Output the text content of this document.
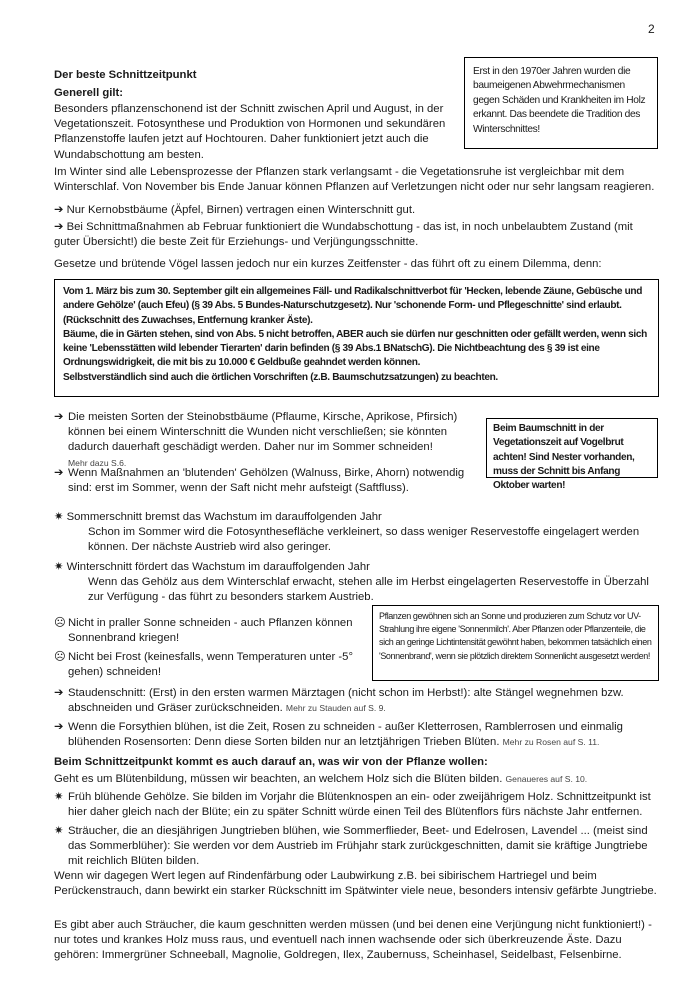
2
Der beste Schnittzeitpunkt
Generell gilt:
Besonders pflanzenschonend ist der Schnitt zwischen April und August, in der Vegetationszeit. Fotosynthese und Produktion von Hormonen und sekundären Pflanzenstoffe laufen jetzt auf Hochtouren. Daher funktioniert jetzt auch die Wundabschottung am besten.
Erst in den 1970er Jahren wurden die baumeigenen Abwehrmechanismen gegen Schäden und Krankheiten im Holz erkannt. Das beendete die Tradition des Winterschnittes!
Im Winter sind alle Lebensprozesse der Pflanzen stark verlangsamt - die Vegetationsruhe ist vergleichbar mit dem Winterschlaf. Von November bis Ende Januar können Pflanzen auf Verletzungen nicht oder nur sehr langsam reagieren.
➔ Nur Kernobstbäume (Äpfel, Birnen) vertragen einen Winterschnitt gut.
➔ Bei Schnittmaßnahmen ab Februar funktioniert die Wundabschottung - das ist, in noch unbelaubtem Zustand (mit guter Übersicht!) die beste Zeit für Erziehungs- und Verjüngungsschnitte.
Gesetze und brütende Vögel lassen jedoch nur ein kurzes Zeitfenster - das führt oft zu einem Dilemma, denn:
Vom 1. März bis zum 30. September gilt ein allgemeines Fäll- und Radikalschnittverbot für 'Hecken, lebende Zäune, Gebüsche und andere Gehölze' (auch Efeu) (§ 39 Abs. 5 Bundes-Naturschutzgesetz). Nur 'schonende Form- und Pflegeschnitte' sind erlaubt. (Rückschnitt des Zuwachses, Entfernung kranker Äste).
Bäume, die in Gärten stehen, sind von Abs. 5 nicht betroffen, ABER auch sie dürfen nur geschnitten oder gefällt werden, wenn sich keine 'Lebensstätten wild lebender Tierarten' darin befinden (§ 39 Abs.1 BNatschG). Die Nichtbeachtung des § 39 ist eine Ordnungswidrigkeit, die mit bis zu 10.000 € Geldbuße geahndet werden können.
Selbstverständlich sind auch die örtlichen Vorschriften (z.B. Baumschutzsatzungen) zu beachten.
➔ Die meisten Sorten der Steinobstbäume (Pflaume, Kirsche, Aprikose, Pfirsich) können bei einem Winterschnitt die Wunden nicht verschließen; sie könnten dadurch dauerhaft geschädigt werden. Daher nur im Sommer schneiden!
Mehr dazu S.6.
Beim Baumschnitt in der Vegetationszeit auf Vogelbrut achten! Sind Nester vorhanden, muss der Schnitt bis Anfang Oktober warten!
➔ Wenn Maßnahmen an 'blutenden' Gehölzen (Walnuss, Birke, Ahorn) notwendig sind: erst im Sommer, wenn der Saft nicht mehr aufsteigt (Saftfluss).
✷ Sommerschnitt bremst das Wachstum im darauffolgenden Jahr
Schon im Sommer wird die Fotosynthesefläche verkleinert, so dass weniger Reservestoffe eingelagert werden können. Der nächste Austrieb wird also geringer.
✷ Winterschnitt fördert das Wachstum im darauffolgenden Jahr
Wenn das Gehölz aus dem Winterschlaf erwacht, stehen alle im Herbst eingelagerten Reservestoffe in Überzahl zur Verfügung - das führt zu besonders starkem Austrieb.
☹ Nicht in praller Sonne schneiden - auch Pflanzen können Sonnenbrand kriegen!
☹ Nicht bei Frost (keinesfalls, wenn Temperaturen unter -5° gehen) schneiden!
Pflanzen gewöhnen sich an Sonne und produzieren zum Schutz vor UV-Strahlung ihre eigene 'Sonnenmilch'. Aber Pflanzen oder Pflanzenteile, die sich an geringe Lichtintensität gewöhnt haben, bekommen tatsächlich einen 'Sonnenbrand', wenn sie plötzlich direktem Sonnenlicht ausgesetzt werden!
➔ Staudenschnitt: (Erst) in den ersten warmen Märztagen (nicht schon im Herbst!): alte Stängel wegnehmen bzw. abschneiden und Gräser zurückschneiden. Mehr zu Stauden auf S. 9.
➔ Wenn die Forsythien blühen, ist die Zeit, Rosen zu schneiden - außer Kletterrosen, Ramblerrosen und einmalig blühenden Rosensorten: Denn diese Sorten bilden nur an letztjährigen Trieben Blüten. Mehr zu Rosen auf S. 11.
Beim Schnittzeitpunkt kommt es auch darauf an, was wir von der Pflanze wollen:
Geht es um Blütenbildung, müssen wir beachten, an welchem Holz sich die Blüten bilden. Genaueres auf S. 10.
✷ Früh blühende Gehölze. Sie bilden im Vorjahr die Blütenknospen an ein- oder zweijährigem Holz. Schnittzeitpunkt ist hier daher gleich nach der Blüte; ein zu später Schnitt würde einen Teil des Blütenflors fürs nächste Jahr entfernen.
✷ Sträucher, die an diesjährigen Jungtrieben blühen, wie Sommerflieder, Beet- und Edelrosen, Lavendel ... (meist sind das Sommerblüher): Sie werden vor dem Austrieb im Frühjahr stark zurückgeschnitten, damit sie kräftige Jungtriebe mit reichlich Blüten bilden.
Wenn wir dagegen Wert legen auf Rindenfärbung oder Laubwirkung z.B. bei sibirischem Hartriegel und beim Perückenstrauch, dann bewirkt ein starker Rückschnitt im Spätwinter viele neue, besonders intensiv gefärbte Jungtriebe.
Es gibt aber auch Sträucher, die kaum geschnitten werden müssen (und bei denen eine Verjüngung nicht funktioniert!) - nur totes und krankes Holz muss raus, und eventuell nach innen wachsende oder sich überkreuzende Äste. Dazu gehören: Immergrüner Schneeball, Magnolie, Goldregen, Ilex, Zaubernuss, Scheinhasel, Seidelbast, Felsenbirne.
